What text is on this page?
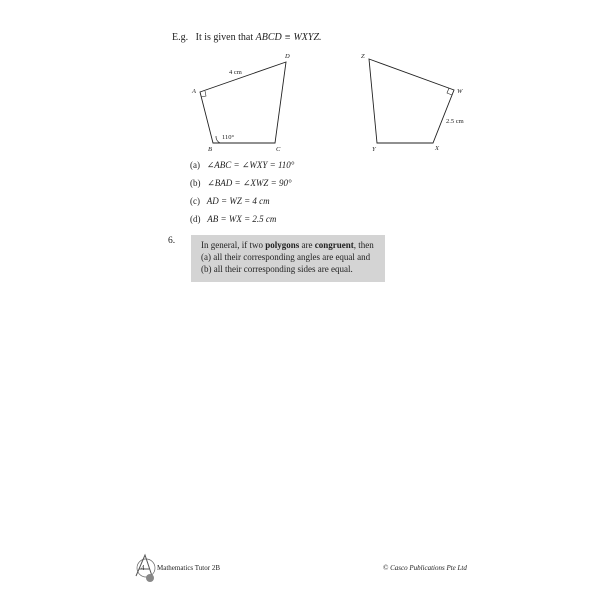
E.g. It is given that ABCD ≡ WXYZ.
A
B	C
D
4 cm
110°
Z
W
Y	X
2.5 cm
(a) ∠ABC = ∠WXY = 110°
(b) ∠BAD = ∠XWZ = 90°
(c) AD = WZ = 4 cm
(d) AB = WX = 2.5 cm
6.	In general, if two polygons are congruent, then
(a) all their corresponding angles are equal and
(b) all their corresponding sides are equal.
4 Mathematics Tutor 2B	© Casco Publications Pte Ltd
